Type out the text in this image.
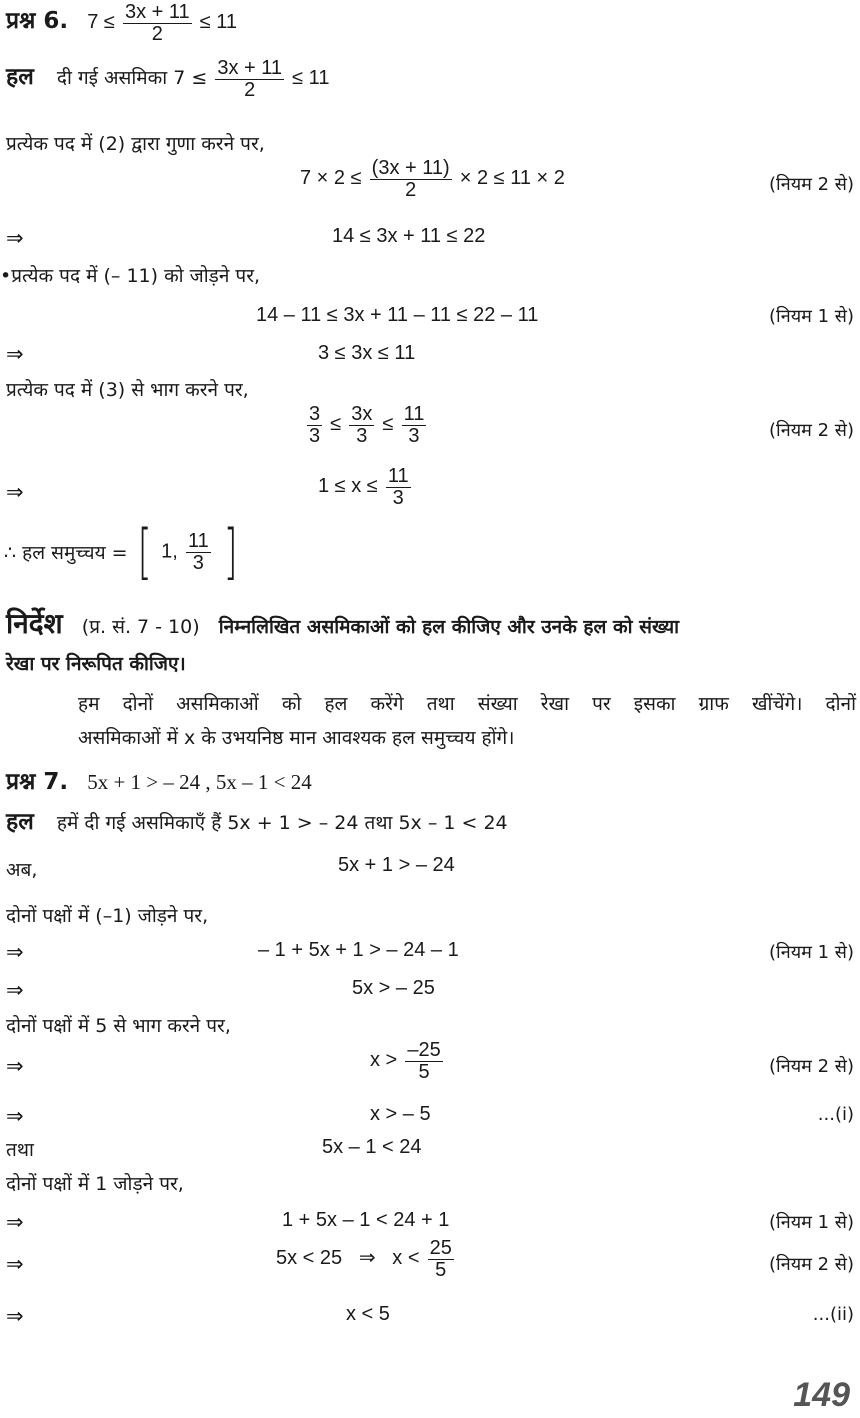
प्रश्न 6. $7 \le \frac{3x + 11}{2} \le 11$
हल दी गई असमिका $7 \le \frac{3x + 11}{2} \le 11$
प्रत्येक पद में (2) द्वारा गुणा करने पर,
$7 \times 2 \le \frac{(3x + 11)}{2} \times 2 \le 11 \times 2$	(नियम 2 से)
⇒	14 ≤ 3x + 11 ≤ 22
•प्रत्येक पद में (– 11) को जोड़ने पर,
14 – 11 ≤ 3x + 11 – 11 ≤ 22 – 11	(नियम 1 से)
⇒	3 ≤ 3x ≤ 11
प्रत्येक पद में (3) से भाग करने पर,
$\frac{3}{3} \le \frac{3x}{3} \le \frac{11}{3}$	(नियम 2 से)
⇒	$1 \le x \le \frac{11}{3}$
∴ हल समुच्चय = [ 1, $\frac{11}{3}$ ]
निर्देश (प्र. सं. 7 - 10) निम्नलिखित असमिकाओं को हल कीजिए और उनके हल को संख्या
रेखा पर निरूपित कीजिए।
हम दोनों असमिकाओं को हल करेंगे तथा संख्या रेखा पर इसका ग्राफ खींचेंगे। दोनों
असमिकाओं में x के उभयनिष्ठ मान आवश्यक हल समुच्चय होंगे।
प्रश्न 7. 5x + 1 > – 24 , 5x – 1 < 24
हल हमें दी गई असमिकाएँ हैं 5x + 1 > – 24 तथा 5x – 1 < 24
अब,	5x + 1 > – 24
दोनों पक्षों में (–1) जोड़ने पर,
⇒	– 1 + 5x + 1 > – 24 – 1	(नियम 1 से)
⇒	5x > – 25
दोनों पक्षों में 5 से भाग करने पर,
⇒	$x > \frac{-25}{5}$	(नियम 2 से)
⇒	x > – 5	...(i)
तथा	5x – 1 < 24
दोनों पक्षों में 1 जोड़ने पर,
⇒	1 + 5x – 1 < 24 + 1	(नियम 1 से)
⇒	5x < 25   ⇒   $x < \frac{25}{5}$	(नियम 2 से)
⇒	x < 5	...(ii)
149
